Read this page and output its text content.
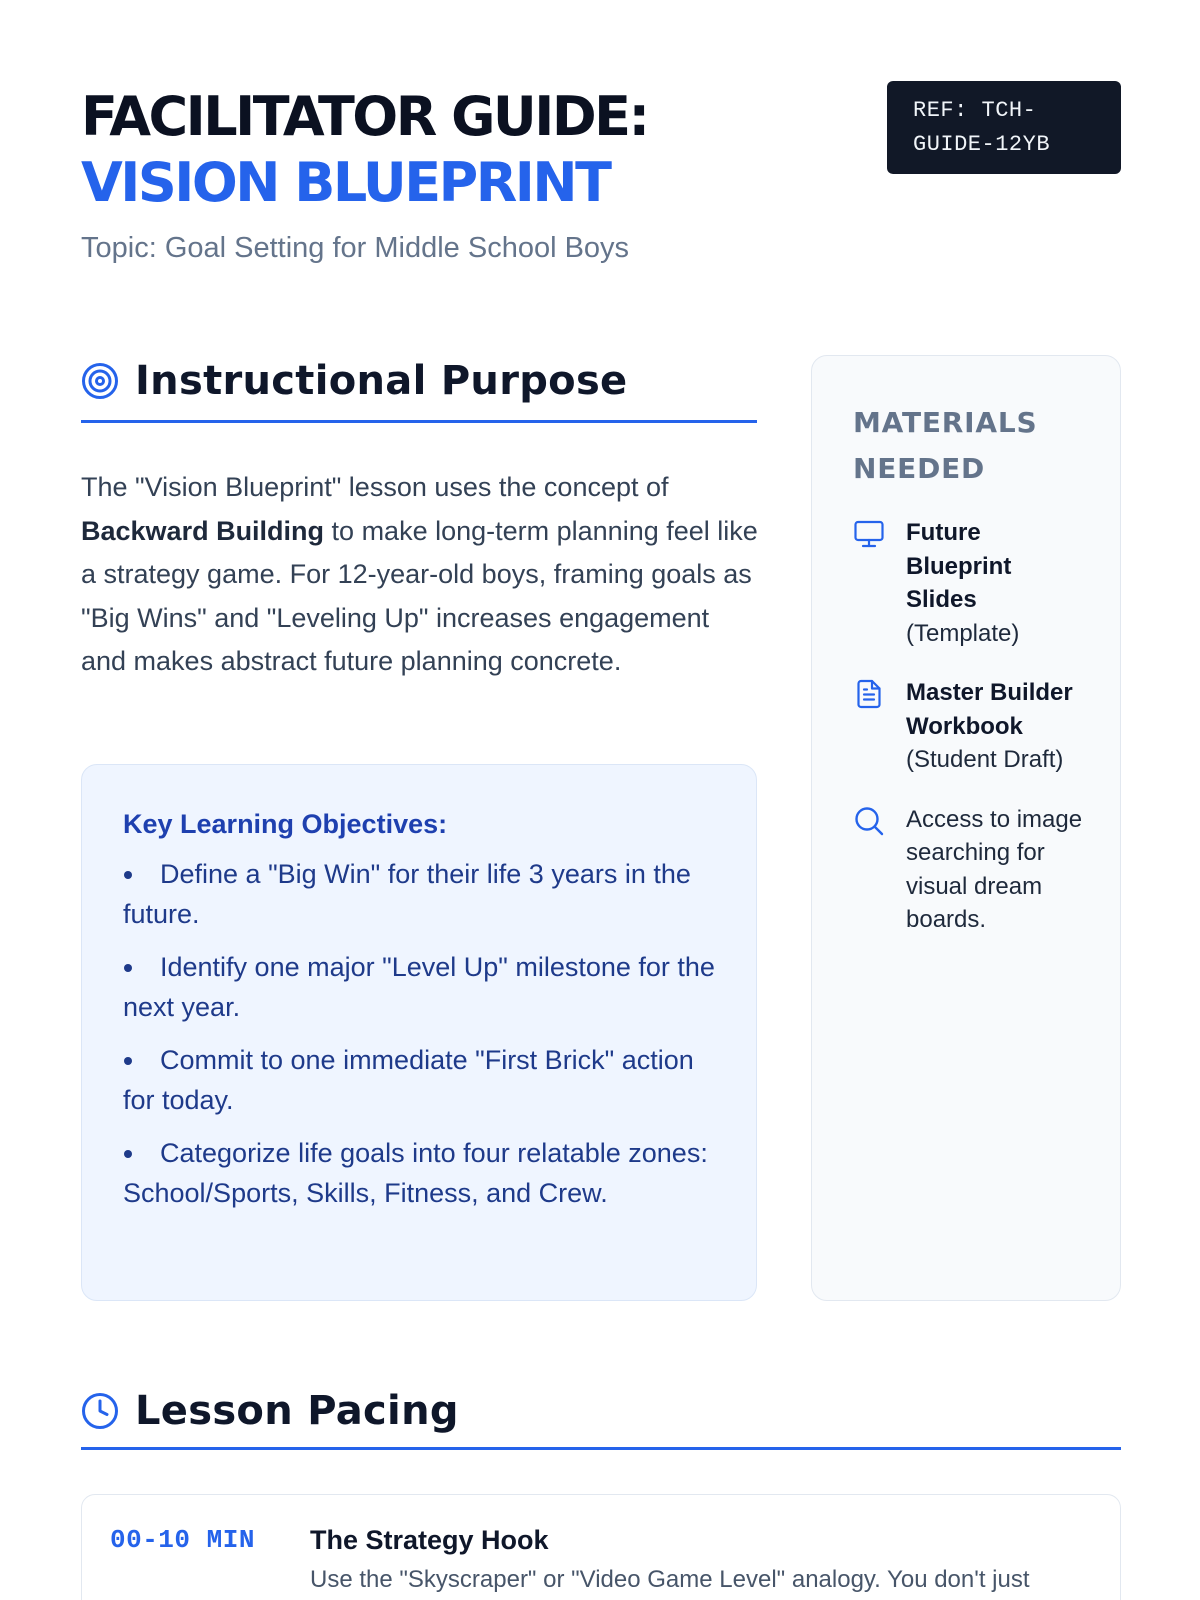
FACILITATOR GUIDE:
VISION BLUEPRINT
Topic: Goal Setting for Middle School Boys
REF: TCH-
GUIDE-12YB
Instructional Purpose

The "Vision Blueprint" lesson uses the concept of Backward Building to make long-term planning feel like a strategy game. For 12-year-old boys, framing goals as "Big Wins" and "Leveling Up" increases engagement and makes abstract future planning concrete.

Key Learning Objectives:
Define a "Big Win" for their life 3 years in the future.
Identify one major "Level Up" milestone for the next year.
Commit to one immediate "First Brick" action for today.
Categorize life goals into four relatable zones: School/Sports, Skills, Fitness, and Crew.
MATERIALS NEEDED
Future Blueprint Slides
(Template)
Master Builder Workbook
(Student Draft)
Access to image searching for visual dream boards.
Lesson Pacing
00-10 MIN The Strategy Hook
Use the "Skyscraper" or "Video Game Level" analogy. You don't just
